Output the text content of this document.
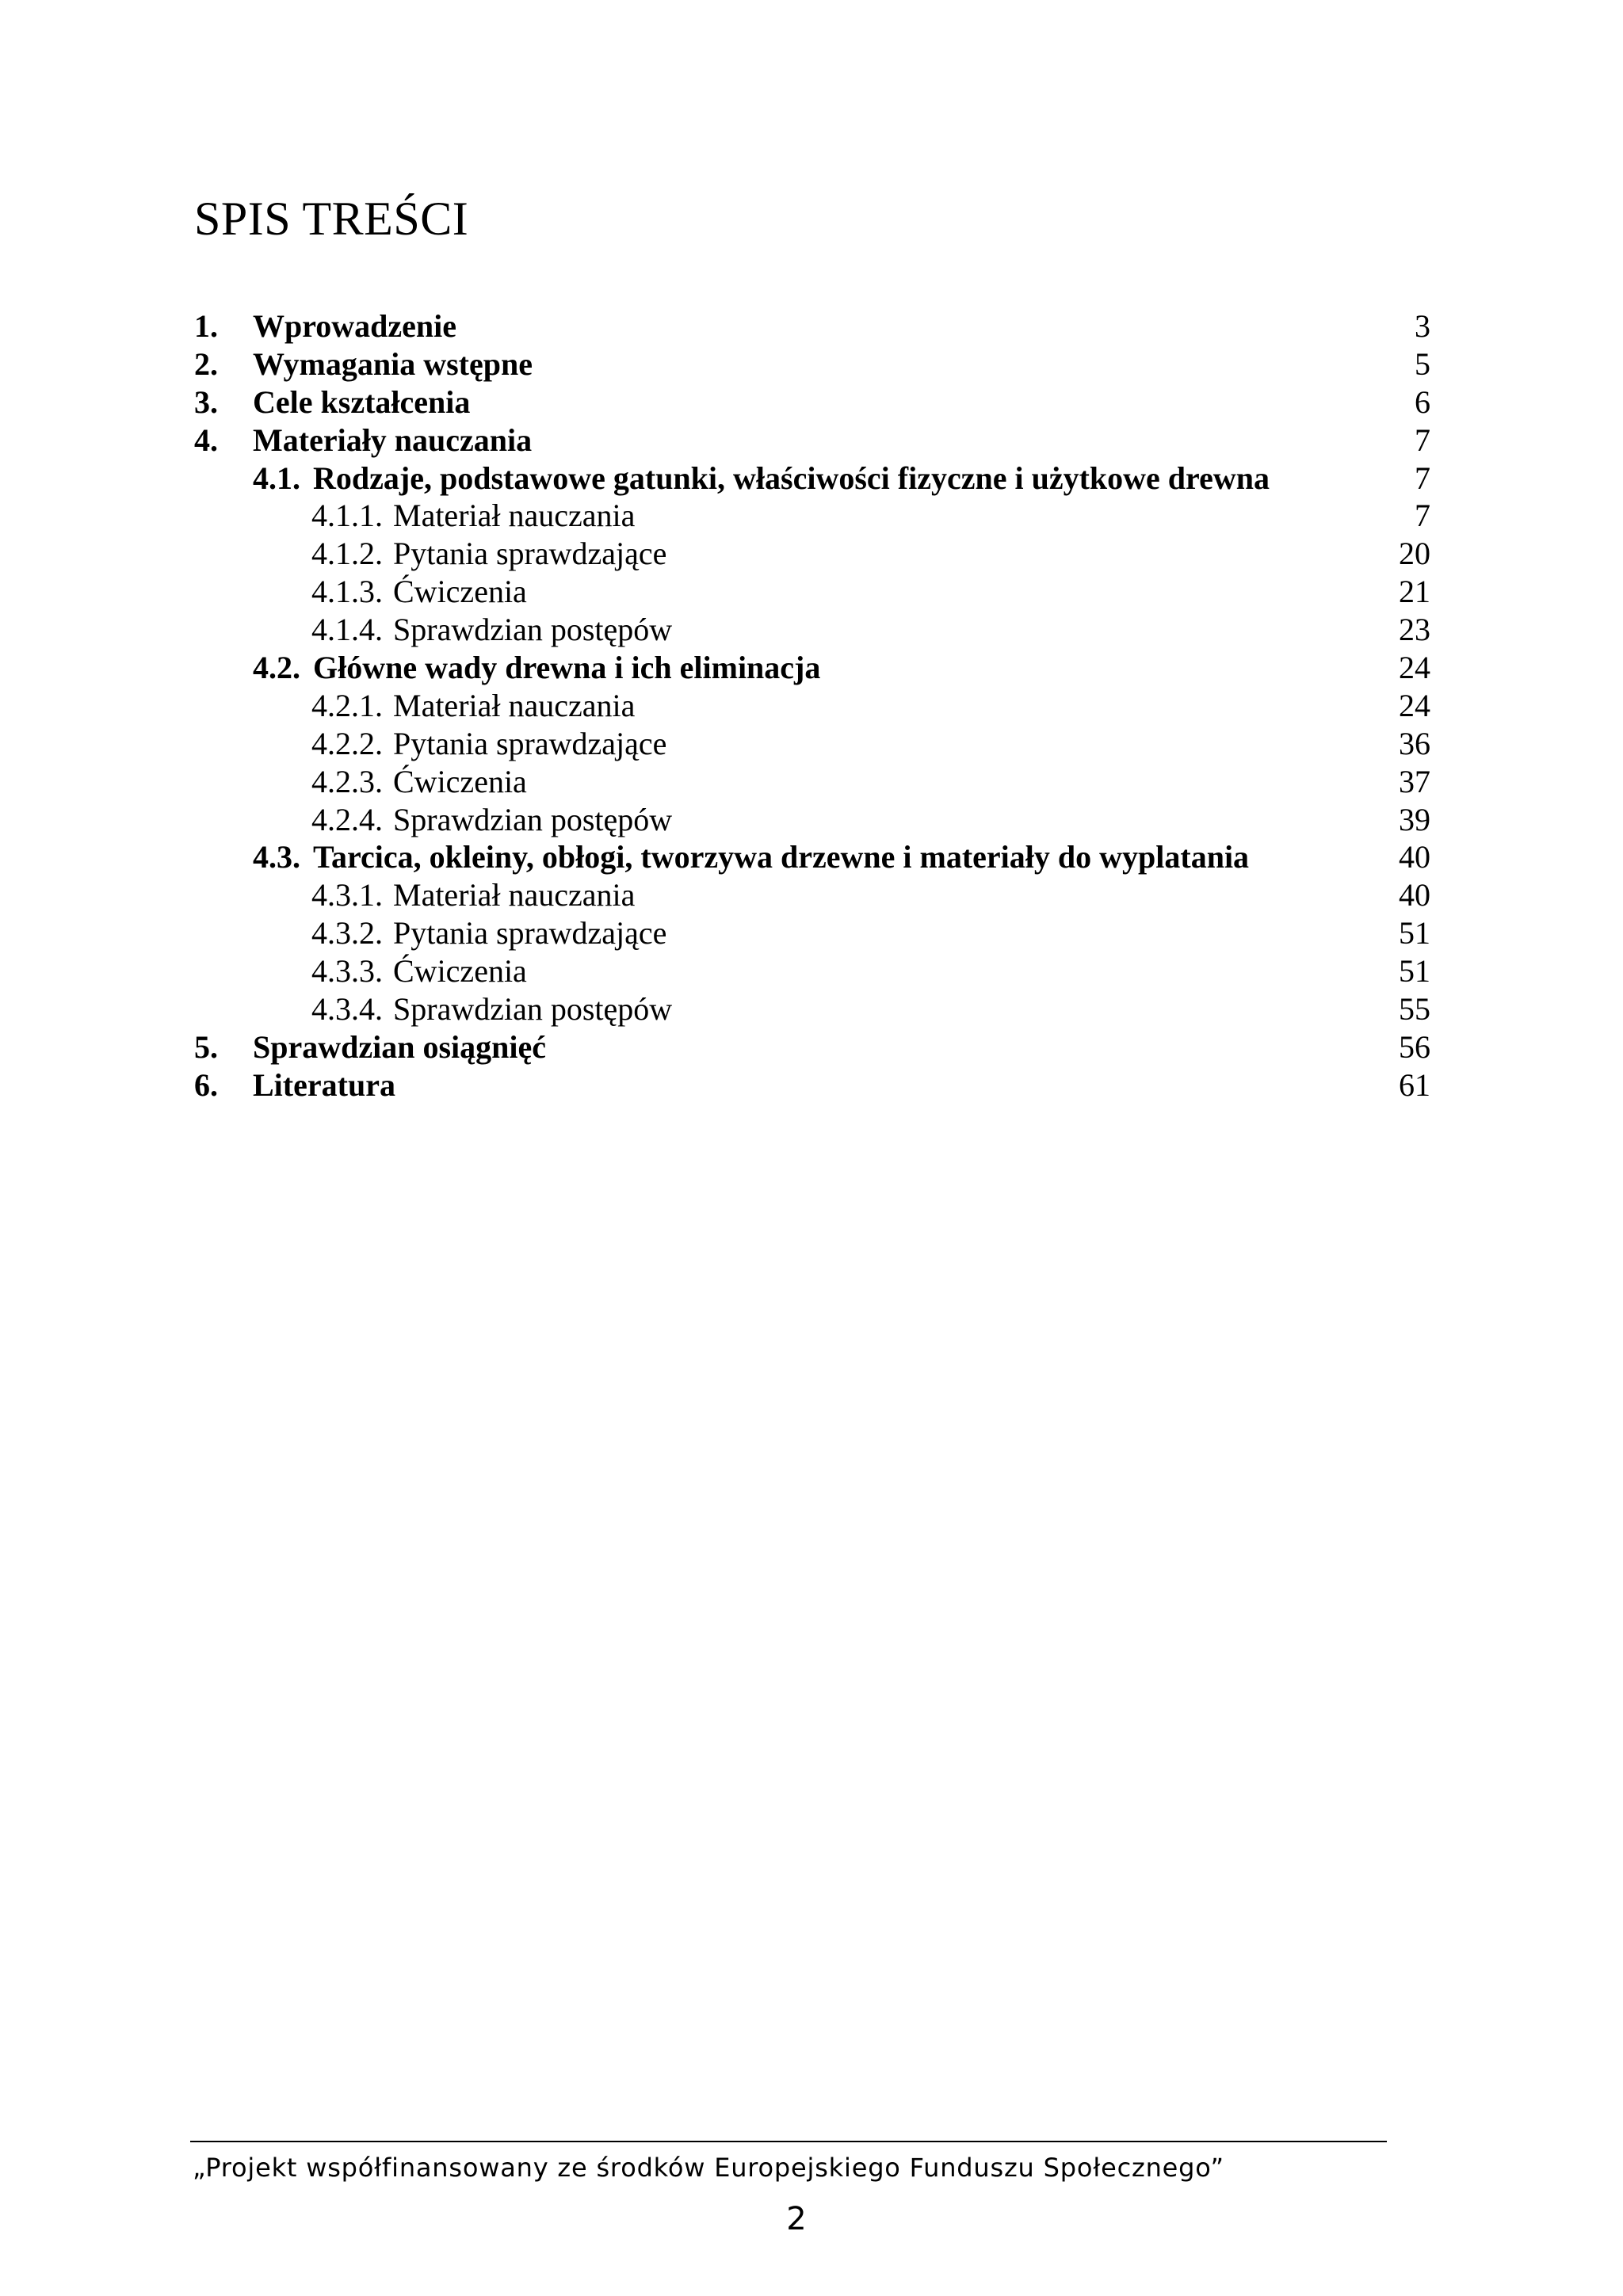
SPIS TREŚCI
1. Wprowadzenie	3
2. Wymagania wstępne	5
3. Cele kształcenia	6
4. Materiały nauczania	7
4.1. Rodzaje, podstawowe gatunki, właściwości fizyczne i użytkowe drewna	7
4.1.1. Materiał nauczania	7
4.1.2. Pytania sprawdzające	20
4.1.3. Ćwiczenia	21
4.1.4. Sprawdzian postępów	23
4.2. Główne wady drewna i ich eliminacja	24
4.2.1. Materiał nauczania	24
4.2.2. Pytania sprawdzające	36
4.2.3. Ćwiczenia	37
4.2.4. Sprawdzian postępów	39
4.3. Tarcica, okleiny, obłogi, tworzywa drzewne i materiały do wyplatania	40
4.3.1. Materiał nauczania	40
4.3.2. Pytania sprawdzające	51
4.3.3. Ćwiczenia	51
4.3.4. Sprawdzian postępów	55
5. Sprawdzian osiągnięć	56
6. Literatura	61
„Projekt współfinansowany ze środków Europejskiego Funduszu Społecznego”
2
